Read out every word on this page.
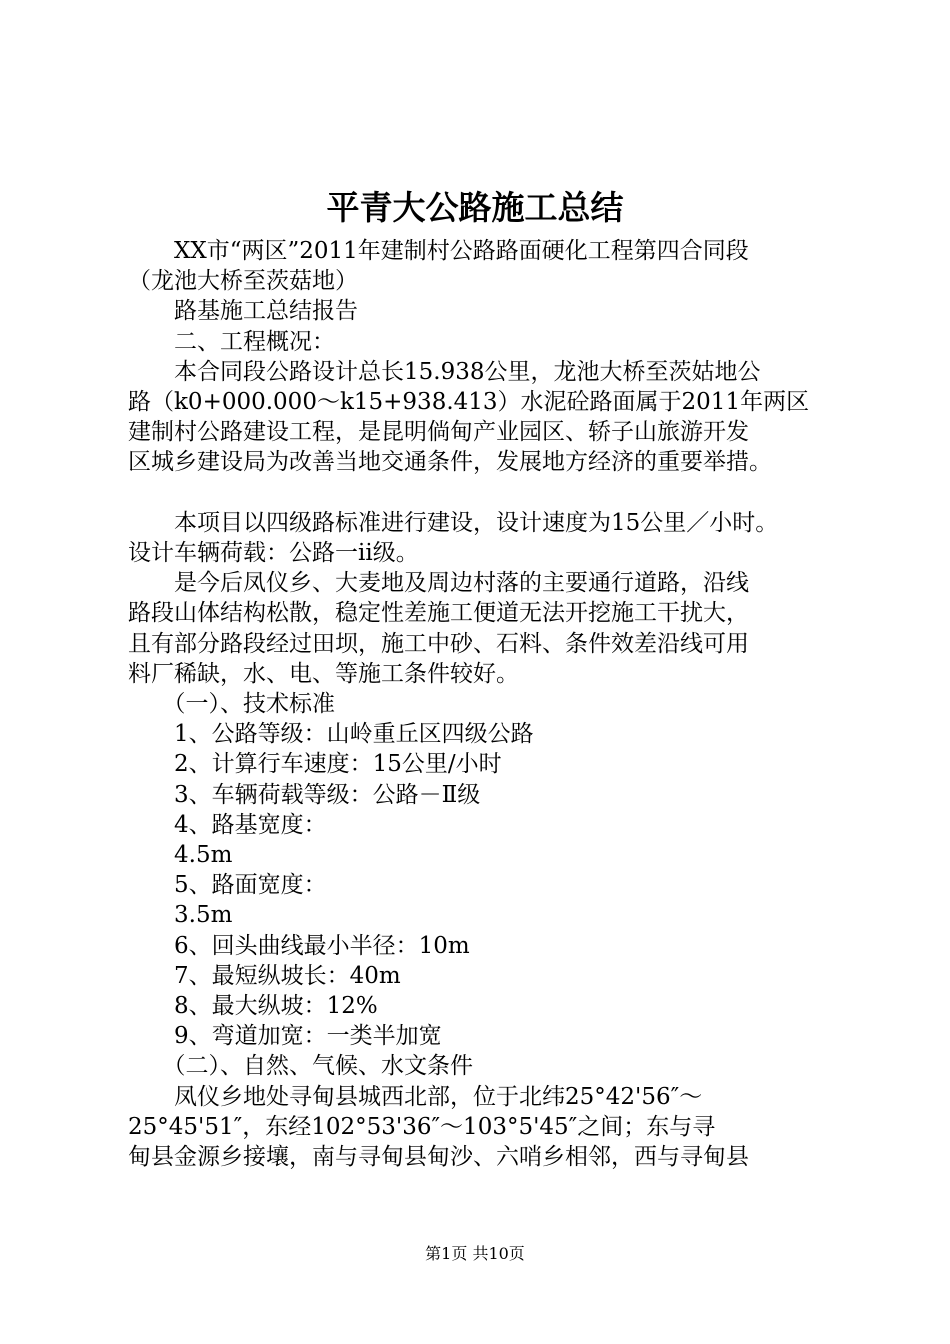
平青大公路施工总结

　　XX市“两区”2011年建制村公路路面硬化工程第四合同段

（龙池大桥至茨菇地）

　　路基施工总结报告

　　二、工程概况：

　　本合同段公路设计总长15.938公里，龙池大桥至茨姑地公

路（k0+000.000～k15+938.413）水泥砼路面属于2011年两区

建制村公路建设工程，是昆明倘甸产业园区、轿子山旅游开发

区城乡建设局为改善当地交通条件，发展地方经济的重要举措。

　　本项目以四级路标准进行建设，设计速度为15公里／小时。

设计车辆荷载：公路一ii级。

　　是今后凤仪乡、大麦地及周边村落的主要通行道路，沿线

路段山体结构松散，稳定性差施工便道无法开挖施工干扰大，

且有部分路段经过田坝，施工中砂、石料、条件效差沿线可用

料厂稀缺，水、电、等施工条件较好。

　　（一）、技术标准

　　1、公路等级：山岭重丘区四级公路

　　2、计算行车速度：15公里/小时

　　3、车辆荷载等级：公路－Ⅱ级

　　4、路基宽度：

　　4.5m

　　5、路面宽度：

　　3.5m

　　6、回头曲线最小半径：10m

　　7、最短纵坡长：40m

　　8、最大纵坡：12%

　　9、弯道加宽：一类半加宽

　　（二）、自然、气候、水文条件

　　凤仪乡地处寻甸县城西北部，位于北纬25°42'56″～

25°45'51″，东经102°53'36″～103°5'45″之间；东与寻

甸县金源乡接壤，南与寻甸县甸沙、六哨乡相邻，西与寻甸县

第1页 共10页
